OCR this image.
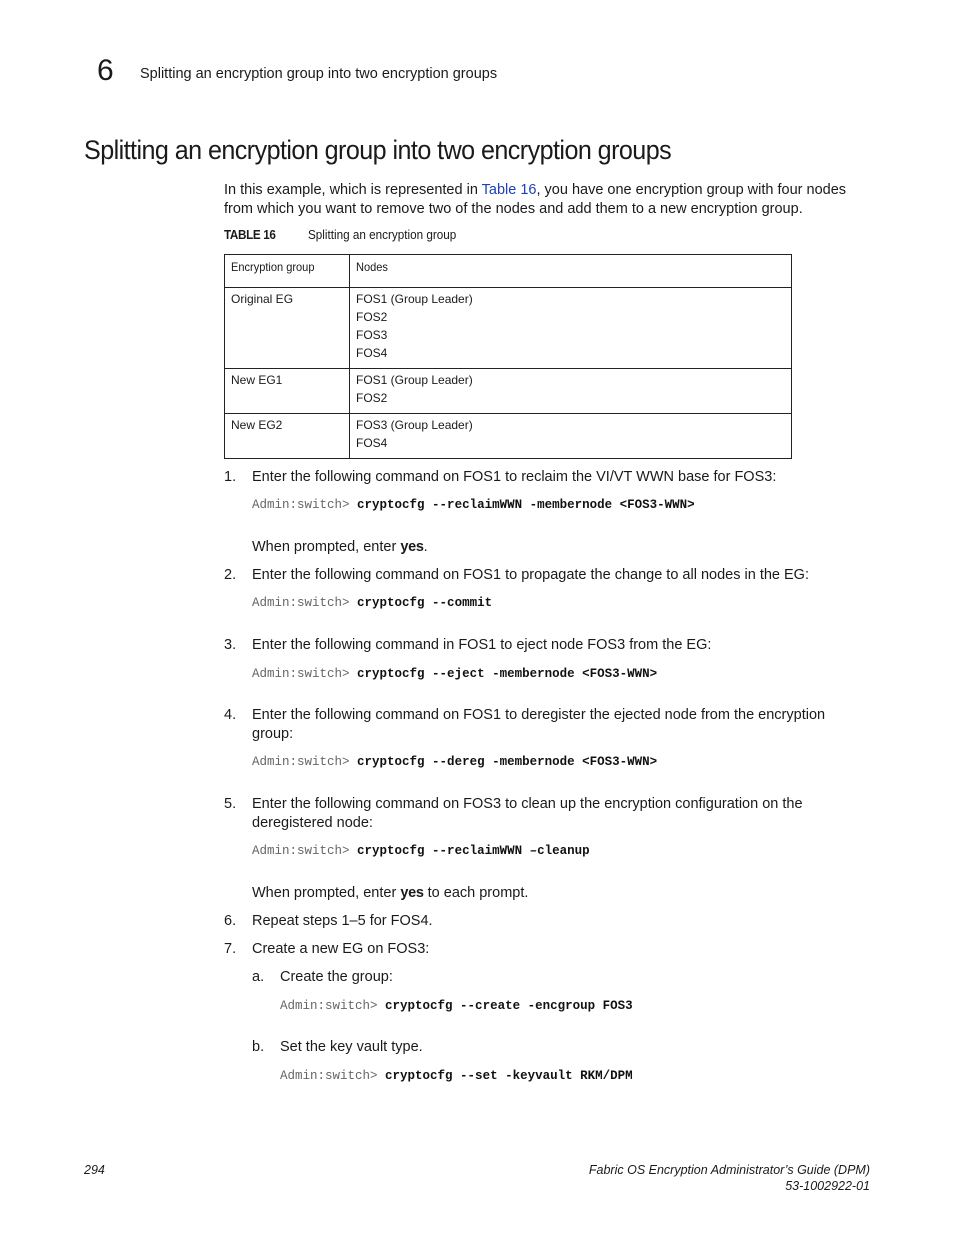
6 Splitting an encryption group into two encryption groups
Splitting an encryption group into two encryption groups

In this example, which is represented in Table 16, you have one encryption group with four nodes
from which you want to remove two of the nodes and add them to a new encryption group.

TABLE 16 Splitting an encryption group
Encryption group	Nodes
Original EG	FOS1 (Group Leader)
FOS2
FOS3
FOS4

New EG1	FOS1 (Group Leader)
FOS2

New EG2	FOS3 (Group Leader)
FOS4
1. Enter the following command on FOS1 to reclaim the VI/VT WWN base for FOS3:
Admin:switch> cryptocfg --reclaimWWN -membernode <FOS3-WWN>
When prompted, enter yes.
2. Enter the following command on FOS1 to propagate the change to all nodes in the EG:
Admin:switch> cryptocfg --commit
3. Enter the following command in FOS1 to eject node FOS3 from the EG:
Admin:switch> cryptocfg --eject -membernode <FOS3-WWN>
4. Enter the following command on FOS1 to deregister the ejected node from the encryption
group:
Admin:switch> cryptocfg --dereg -membernode <FOS3-WWN>
5. Enter the following command on FOS3 to clean up the encryption configuration on the
deregistered node:
Admin:switch> cryptocfg --reclaimWWN –cleanup
When prompted, enter yes to each prompt.
6. Repeat steps 1–5 for FOS4.
7. Create a new EG on FOS3:
a. Create the group:
Admin:switch> cryptocfg --create -encgroup FOS3
b. Set the key vault type.
Admin:switch> cryptocfg --set -keyvault RKM/DPM
294	Fabric OS Encryption Administrator’s Guide (DPM)
53-1002922-01
